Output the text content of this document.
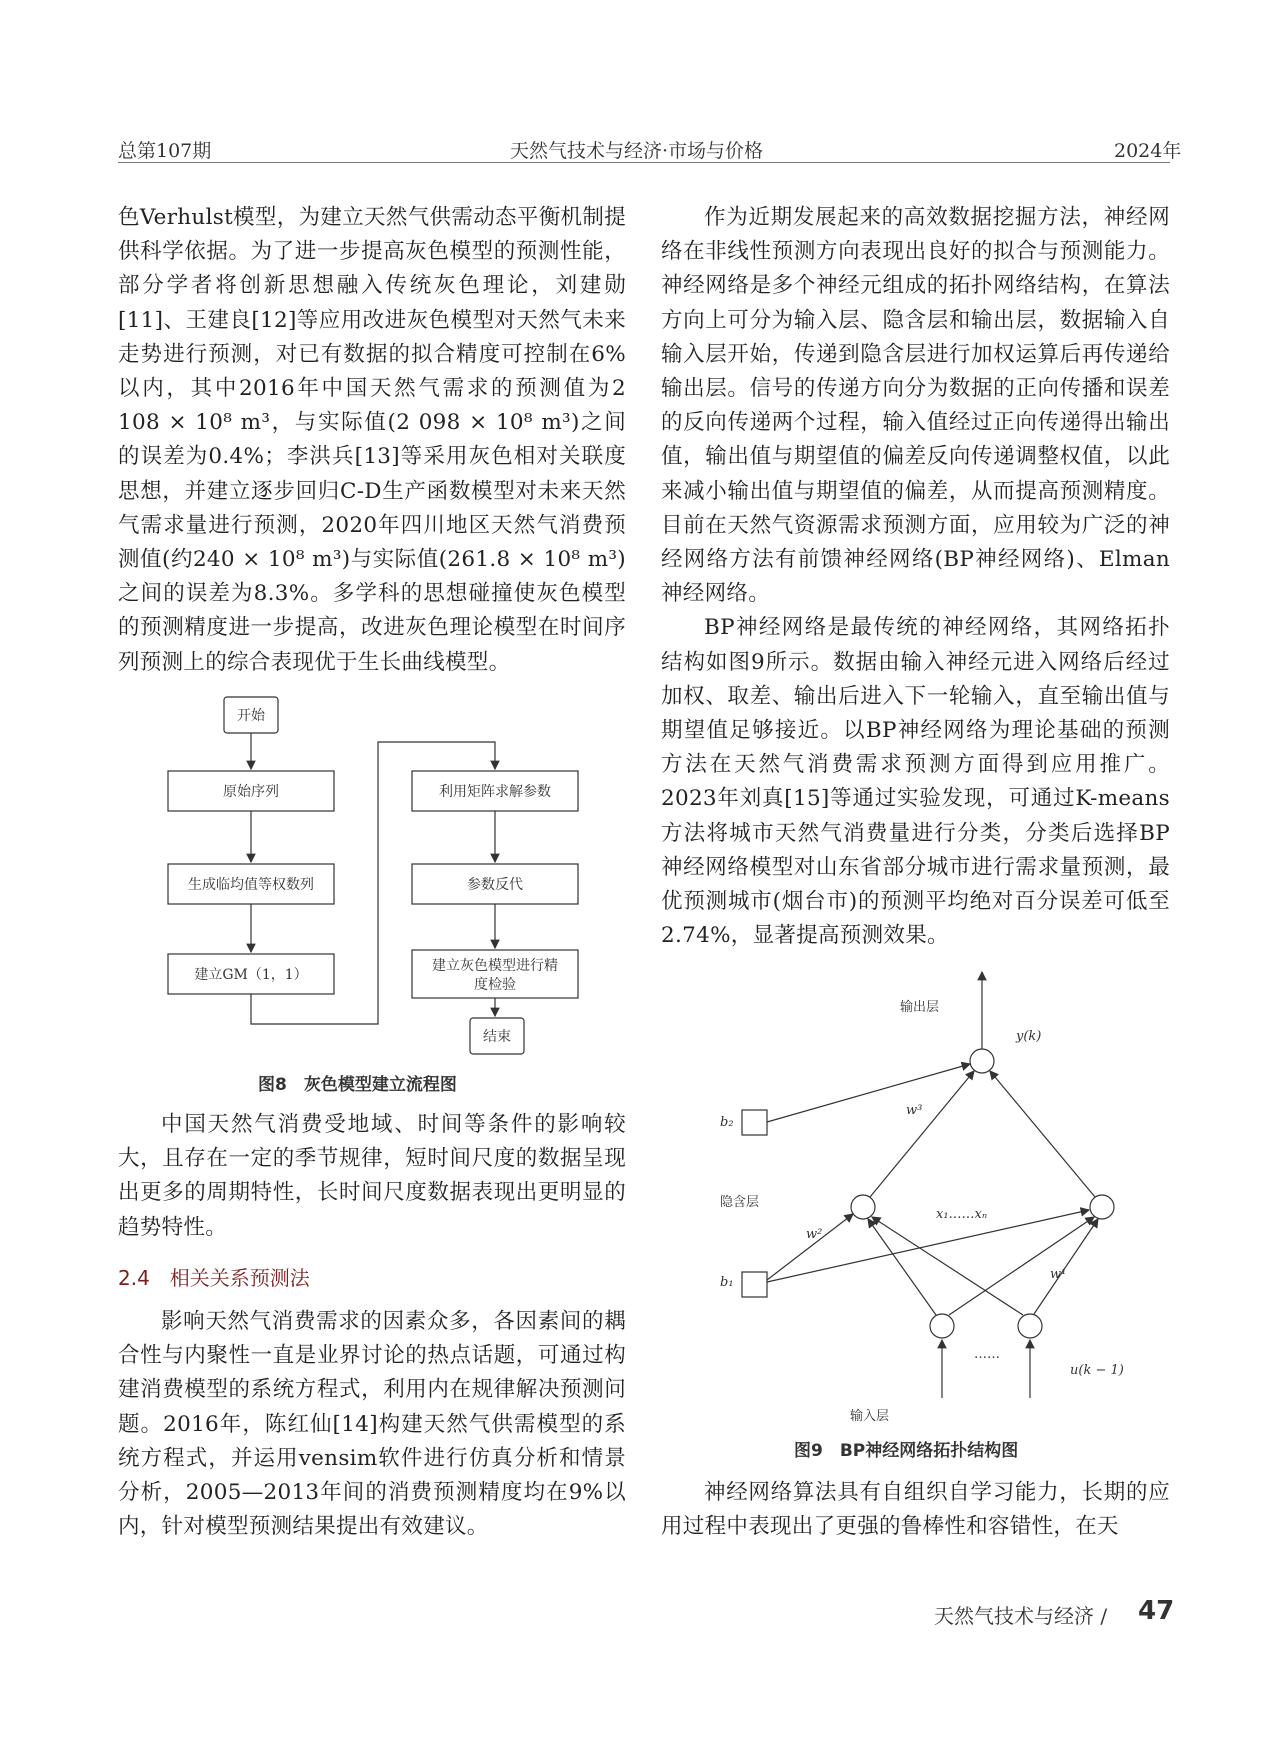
总第107期	天然气技术与经济·市场与价格	2024年

色Verhulst模型，为建立天然气供需动态平衡机制提供科学依据。为了进一步提高灰色模型的预测性能，部分学者将创新思想融入传统灰色理论，刘建勋[11]、王建良[12]等应用改进灰色模型对天然气未来走势进行预测，对已有数据的拟合精度可控制在6%以内，其中2016年中国天然气需求的预测值为2 108 × 10⁸ m³，与实际值(2 098 × 10⁸ m³)之间的误差为0.4%；李洪兵[13]等采用灰色相对关联度思想，并建立逐步回归C-D生产函数模型对未来天然气需求量进行预测，2020年四川地区天然气消费预测值(约240 × 10⁸ m³)与实际值(261.8 × 10⁸ m³)之间的误差为8.3%。多学科的思想碰撞使灰色模型的预测精度进一步提高，改进灰色理论模型在时间序列预测上的综合表现优于生长曲线模型。

开始
原始序列
生成临均值等权数列
建立GM（1，1）
利用矩阵求解参数
参数反代
建立灰色模型进行精
度检验
结束
图8　灰色模型建立流程图

中国天然气消费受地域、时间等条件的影响较大，且存在一定的季节规律，短时间尺度的数据呈现出更多的周期特性，长时间尺度数据表现出更明显的趋势特性。

2.4　相关关系预测法

影响天然气消费需求的因素众多，各因素间的耦合性与内聚性一直是业界讨论的热点话题，可通过构建消费模型的系统方程式，利用内在规律解决预测问题。2016年，陈红仙[14]构建天然气供需模型的系统方程式，并运用vensim软件进行仿真分析和情景分析，2005—2013年间的消费预测精度均在9%以内，针对模型预测结果提出有效建议。

作为近期发展起来的高效数据挖掘方法，神经网络在非线性预测方向表现出良好的拟合与预测能力。神经网络是多个神经元组成的拓扑网络结构，在算法方向上可分为输入层、隐含层和输出层，数据输入自输入层开始，传递到隐含层进行加权运算后再传递给输出层。信号的传递方向分为数据的正向传播和误差的反向传递两个过程，输入值经过正向传递得出输出值，输出值与期望值的偏差反向传递调整权值，以此来减小输出值与期望值的偏差，从而提高预测精度。目前在天然气资源需求预测方面，应用较为广泛的神经网络方法有前馈神经网络(BP神经网络)、Elman神经网络。

BP神经网络是最传统的神经网络，其网络拓扑结构如图9所示。数据由输入神经元进入网络后经过加权、取差、输出后进入下一轮输入，直至输出值与期望值足够接近。以BP神经网络为理论基础的预测方法在天然气消费需求预测方面得到应用推广。2023年刘真[15]等通过实验发现，可通过K-means方法将城市天然气消费量进行分类，分类后选择BP神经网络模型对山东省部分城市进行需求量预测，最优预测城市(烟台市)的预测平均绝对百分误差可低至2.74%，显著提高预测效果。

输出层
y(k)
b₂
w³
隐含层
x₁……xₙ
w²
b₁
w¹
……
u(k − 1)
输入层
图9　BP神经网络拓扑结构图

神经网络算法具有自组织自学习能力，长期的应用过程中表现出了更强的鲁棒性和容错性，在天

天然气技术与经济 / 47
